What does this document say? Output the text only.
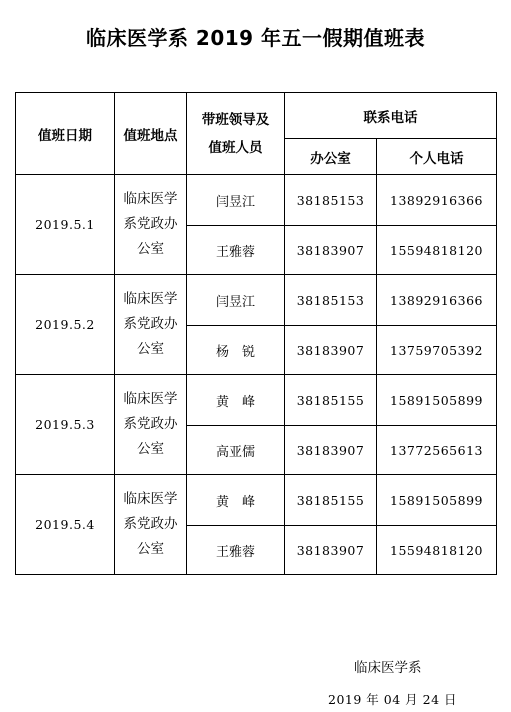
临床医学系 2019 年五一假期值班表
值班日期	值班地点	带班领导及
值班人员	联系电话	
			办公室	个人电话
2019.5.1	临床医学
系党政办
公室	闫昱江	38185153	13892916366
		王雅蓉	38183907	15594818120
2019.5.2	临床医学
系党政办
公室	闫昱江	38185153	13892916366
		杨　锐	38183907	13759705392
2019.5.3	临床医学
系党政办
公室	黄　峰	38185155	15891505899
		高亚儒	38183907	13772565613
2019.5.4	临床医学
系党政办
公室	黄　峰	38185155	15891505899
		王雅蓉	38183907	15594818120
临床医学系
2019 年 04 月 24 日
